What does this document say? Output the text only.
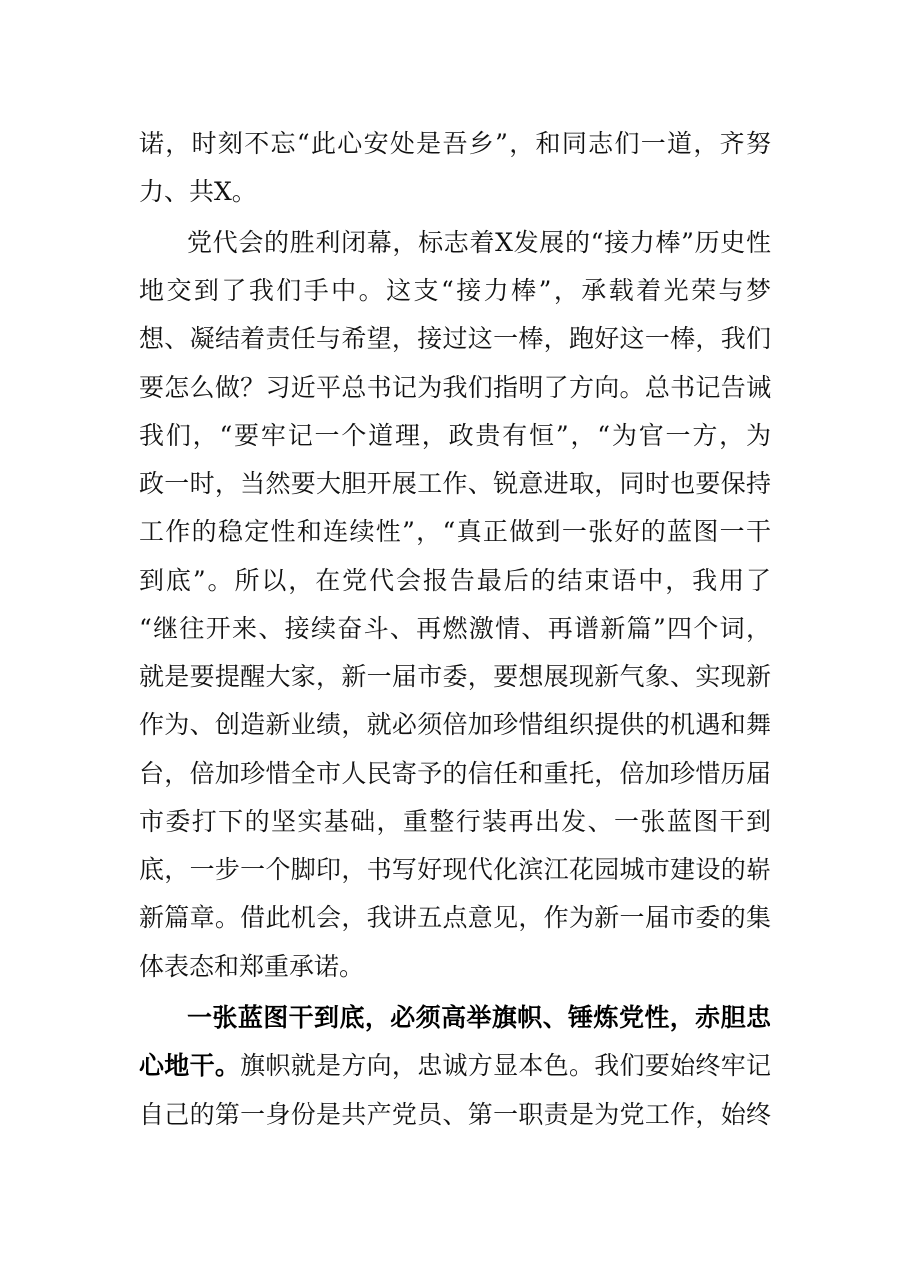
诺，时刻不忘“此心安处是吾乡”，和同志们一道，齐努
力、共X。
党代会的胜利闭幕，标志着X发展的“接力棒”历史性
地交到了我们手中。这支“接力棒”，承载着光荣与梦
想、凝结着责任与希望，接过这一棒，跑好这一棒，我们
要怎么做？习近平总书记为我们指明了方向。总书记告诫
我们，“要牢记一个道理，政贵有恒”，“为官一方，为
政一时，当然要大胆开展工作、锐意进取，同时也要保持
工作的稳定性和连续性”，“真正做到一张好的蓝图一干
到底”。所以，在党代会报告最后的结束语中，我用了
“继往开来、接续奋斗、再燃激情、再谱新篇”四个词，
就是要提醒大家，新一届市委，要想展现新气象、实现新
作为、创造新业绩，就必须倍加珍惜组织提供的机遇和舞
台，倍加珍惜全市人民寄予的信任和重托，倍加珍惜历届
市委打下的坚实基础，重整行装再出发、一张蓝图干到
底，一步一个脚印，书写好现代化滨江花园城市建设的崭
新篇章。借此机会，我讲五点意见，作为新一届市委的集
体表态和郑重承诺。
一张蓝图干到底，必须高举旗帜、锤炼党性，赤胆忠
心地干。旗帜就是方向，忠诚方显本色。我们要始终牢记
自己的第一身份是共产党员、第一职责是为党工作，始终
